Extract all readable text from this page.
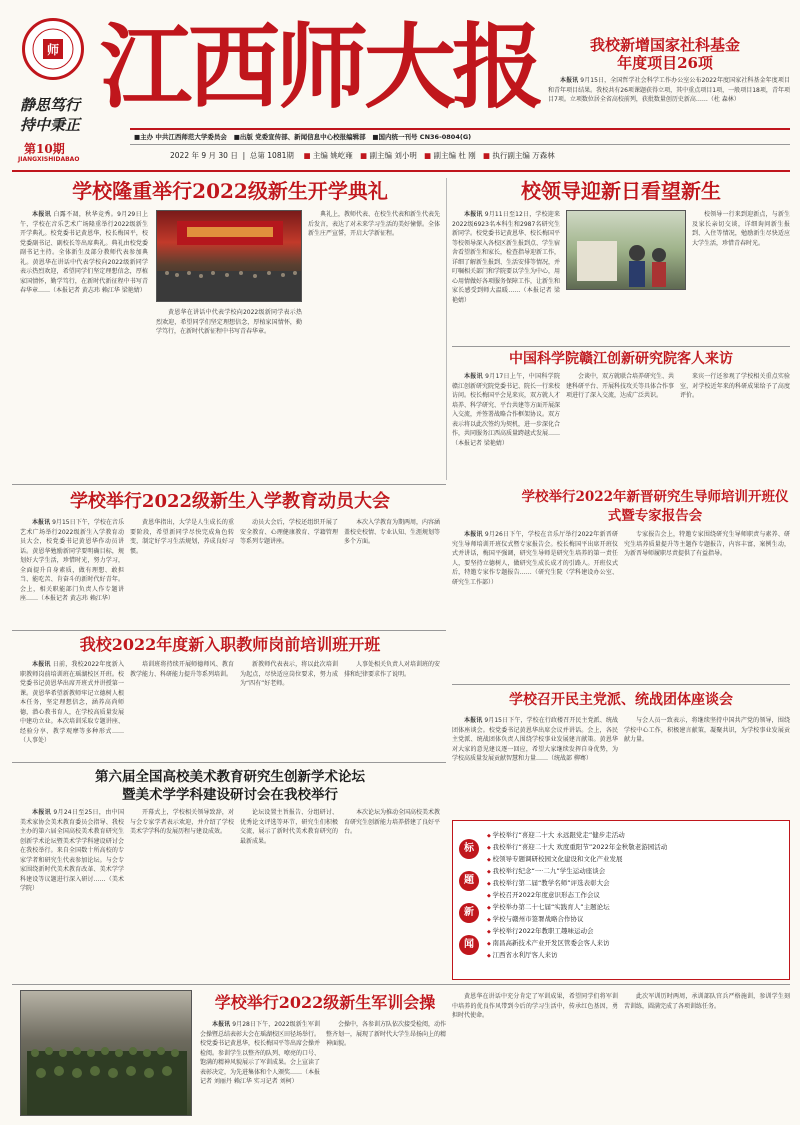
师
静思笃行
持中秉正
第10期
JIANGXISHIDABAO
江西师大报	我校新增国家社科基金
年度项目26项

本报讯 9月15日，全国哲学社会科学工作办公室公布2022年度国家社科基金年度项目和青年项目结果。我校共有26项课题获得立项，其中重点项目1项，一般项目18项，青年项目7项。立项数位居全省高校前列，获批数量创历史新高……（杜 森林）

■主办 中共江西师范大学委员会 ■出版 党委宣传部、新闻信息中心校报编辑部 ■国内统一刊号 CN36-0804(G)
2022 年 9 月 30 日  |  总第 1081期 ■ 主编 姚屹雍 ■ 副主编 刘小明 ■ 副主编 杜 刚 ■ 执行副主编 万森林
学校隆重举行2022级新生开学典礼

本报讯 白露不凋，秋华竞秀。9月29日上午，学校在音乐艺术广场隆重举行2022级新生开学典礼。校党委书记黄恩华，校长梅国平，校党委副书记、副校长等出席典礼。典礼由校党委副书记主持。全体新生及部分教师代表参加典礼。黄恩华在讲话中代表学校向2022级新同学表示热烈欢迎，希望同学们坚定理想信念，厚植家国情怀，勤学笃行，在新时代新征程中书写青春华章……（本报记者 黄志玮 赖江华 梁艳婧）

黄恩华在讲话中代表学校向2022级新同学表示热烈欢迎，希望同学们坚定理想信念，厚植家国情怀，勤学笃行，在新时代新征程中书写青春华章。

典礼上，教师代表、在校生代表和新生代表先后发言，表达了对未来学习生活的美好憧憬。全体新生庄严宣誓，开启大学新征程。

校领导迎新日看望新生

本报讯 9月11日至12日，学校迎来2022级6923名本科生和2987名研究生新同学。校党委书记黄恩华、校长梅国平等校领导深入各校区新生报到点、学生宿舍看望新生和家长，检查指导迎新工作，详细了解新生报到、生活安排等情况，并叮嘱相关部门和学院要以学生为中心，用心用情做好各项服务保障工作，让新生和家长感受到师大温暖……（本报记者 梁艳婧）

校领导一行来到迎新点，与新生及家长亲切交谈，详细询问新生报到、入住等情况，勉励新生尽快适应大学生活，珍惜青春时光。

中国科学院赣江创新研究院客人来访

本报讯 9月17日上午，中国科学院赣江创新研究院党委书记、院长一行来校访问。校长梅国平会见来宾，双方就人才培养、科学研究、平台共建等方面开展深入交流，并签署战略合作框架协议。双方表示将以此次签约为契机，进一步深化合作，共同服务江西高质量跨越式发展……（本报记者 梁艳婧）

会谈中，双方就联合培养研究生、共建科研平台、开展科技攻关等具体合作事项进行了深入交流，达成广泛共识。

来宾一行还参观了学校相关重点实验室，对学校近年来的科研成果给予了高度评价。

学校举行2022级新生入学教育动员大会

本报讯 9月15日下午，学校在音乐艺术广场举行2022级新生入学教育动员大会，校党委书记黄恩华作动员讲话。黄恩华勉励新同学要明确目标，规划好大学生活，珍惜时光，努力学习，全面提升自身素质，做有理想、敢担当、能吃苦、肯奋斗的新时代好青年。会上，相关职能部门负责人作专题讲座……（本报记者 黄志玮 赖江华）

黄恩华指出，大学是人生成长的重要阶段，希望新同学尽快完成角色转变，制定好学习生活规划，养成良好习惯。

动员大会后，学校还组织开展了安全教育、心理健康教育、学籍管理等系列专题讲座。

本次入学教育为期两周，内容涵盖校史校情、专业认知、生涯规划等多个方面。

学校举行2022年新晋研究生导师培训开班仪式暨专家报告会

本报讯 9月26日下午，学校在音乐厅举行2022年新晋研究生导师培训开班仪式暨专家报告会。校长梅国平出席开班仪式并讲话，梅国平强调，研究生导师是研究生培养的第一责任人，要坚持立德树人，做研究生成长成才的引路人。开班仪式后，特邀专家作专题报告……（研究生院（学科建设办公室、研究生工作部））

专家报告会上，特邀专家围绕研究生导师职责与素养、研究生培养质量提升等主题作专题报告，内容丰富，案例生动，为新晋导师履职尽责提供了有益指导。

我校2022年度新入职教师岗前培训班开班

本报讯 日前，我校2022年度新入职教师岗前培训班在瑶湖校区开班。校党委书记黄恩华出席开班式并讲授第一课。黄恩华希望新教师牢记立德树人根本任务，坚定理想信念，涵养高尚师德，潜心教书育人，在学校高质量发展中建功立业。本次培训采取专题讲座、经验分享、教学观摩等多种形式……（人事处）

培训班将持续开展师德师风、教育教学能力、科研能力提升等系列培训。

新教师代表表示，将以此次培训为起点，尽快适应岗位要求，努力成为“四有”好老师。

人事处相关负责人对培训班的安排和纪律要求作了说明。

第六届全国高校美术教育研究生创新学术论坛
暨美术学学科建设研讨会在我校举行

本报讯 9月24日至25日，由中国美术家协会美术教育委员会指导、我校主办的第六届全国高校美术教育研究生创新学术论坛暨美术学学科建设研讨会在我校举行。来自全国数十所高校的专家学者和研究生代表参加论坛。与会专家围绕新时代美术教育改革、美术学学科建设等议题进行深入研讨……（美术学院）

开幕式上，学校相关领导致辞，对与会专家学者表示欢迎，并介绍了学校美术学学科的发展历程与建设成效。

论坛设置主旨报告、分组研讨、优秀论文评选等环节，研究生们积极交流，展示了新时代美术教育研究的最新成果。

本次论坛为推动全国高校美术教育研究生创新能力培养搭建了良好平台。

学校召开民主党派、统战团体座谈会

本报讯 9月15日下午，学校在行政楼召开民主党派、统战团体座谈会。校党委书记黄恩华出席会议并讲话。会上，各民主党派、统战团体负责人围绕学校事业发展建言献策。黄恩华对大家的意见建议逐一回应，希望大家继续发挥自身优势，为学校高质量发展贡献智慧和力量……（统战部 柳骞）

与会人员一致表示，将继续坚持中国共产党的领导，围绕学校中心工作，积极建言献策，凝聚共识，为学校事业发展贡献力量。

标
题
新
闻
◆ 学校举行“喜迎二十大 永远跟党走”健步走活动
◆ 我校举行“喜迎二十大 欢度重阳节”2022年金秋敬老游园活动
◆ 校领导专题调研校园文化建设和文化产业发展
◆ 我校举行纪念“一·二九”学生运动座谈会
◆ 我校举行第二届“教学名师”评选表彰大会
◆ 学校召开2022年度意识形态工作会议
◆ 学校举办第二十七届“实践育人”主题论坛
◆ 学校与赣州市签署战略合作协议
◆ 学校举行2022年教职工趣味运动会
◆ 南昌高新技术产业开发区管委会客人来访
◆ 江西省水利厅客人来访
学校举行2022级新生军训会操

本报讯 9月28日下午，2022级新生军训会操暨总结表彰大会在瑶湖校区田径场举行。校党委书记黄恩华，校长梅国平等出席会操并检阅。参训学生以整齐的队列、嘹亮的口号、饱满的精神风貌展示了军训成果。会上宣读了表彰决定，为先进集体和个人颁奖……（本报记者 刘丽丹 赖江华 实习记者 刘柯）

会操中，各参训方队依次接受检阅，动作整齐划一，展现了新时代大学生昂扬向上的精神面貌。

黄恩华在讲话中充分肯定了军训成果，希望同学们将军训中培养的优良作风带到今后的学习生活中，传承红色基因，勇担时代使命。

此次军训历时两周，承训部队官兵严格施训，参训学生刻苦训练，圆满完成了各项训练任务。
